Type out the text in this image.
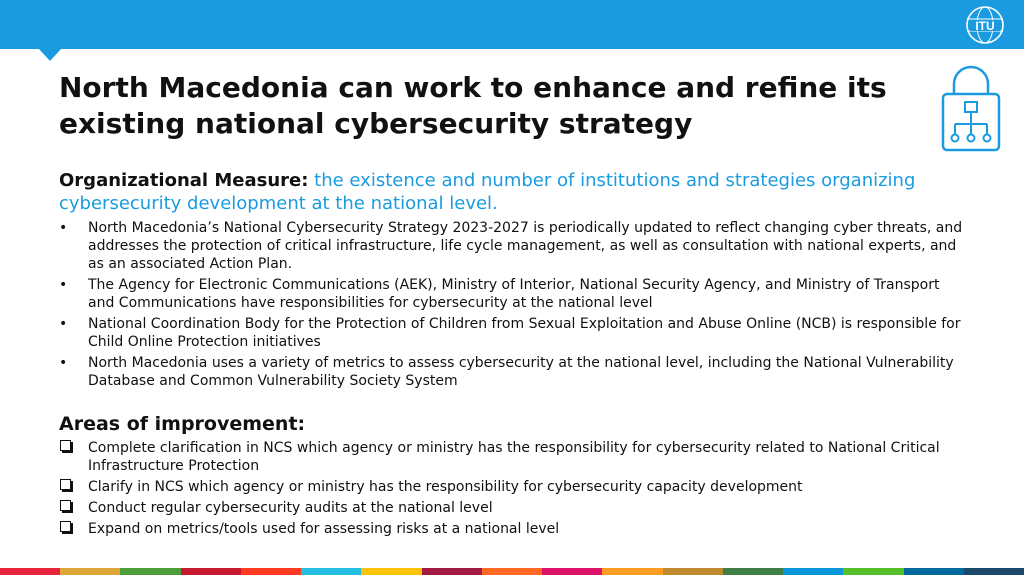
ITU
North Macedonia can work to enhance and refine its existing national cybersecurity strategy

Organizational Measure: the existence and number of institutions and strategies organizing cybersecurity development at the national level.

• North Macedonia’s National Cybersecurity Strategy 2023-2027 is periodically updated to reflect changing cyber threats, and addresses the protection of critical infrastructure, life cycle management, as well as consultation with national experts, and as an associated Action Plan.
• The Agency for Electronic Communications (AEK), Ministry of Interior, National Security Agency, and Ministry of Transport and Communications have responsibilities for cybersecurity at the national level
• National Coordination Body for the Protection of Children from Sexual Exploitation and Abuse Online (NCB) is responsible for Child Online Protection initiatives
• North Macedonia uses a variety of metrics to assess cybersecurity at the national level, including the National Vulnerability Database and Common Vulnerability Society System
Areas of improvement:
Complete clarification in NCS which agency or ministry has the responsibility for cybersecurity related to National Critical Infrastructure Protection
Clarify in NCS which agency or ministry has the responsibility for cybersecurity capacity development
Conduct regular cybersecurity audits at the national level
Expand on metrics/tools used for assessing risks at a national level
